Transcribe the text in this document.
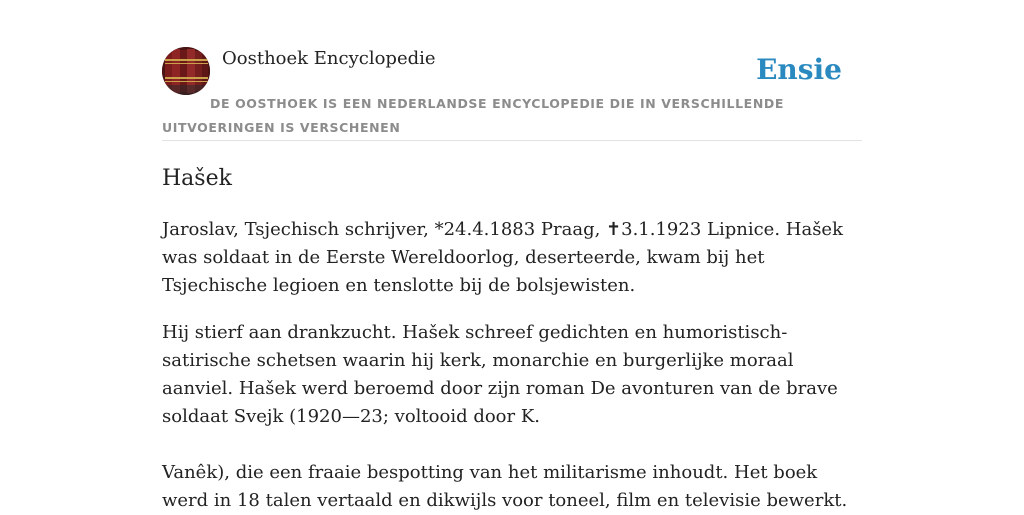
Oosthoek Encyclopedie	Ensie
DE OOSTHOEK IS EEN NEDERLANDSE ENCYCLOPEDIE DIE IN VERSCHILLENDE UITVOERINGEN IS VERSCHENEN
Hašek

Jaroslav, Tsjechisch schrijver, *24.4.1883 Praag, ✝3.1.1923 Lipnice. Hašek was soldaat in de Eerste Wereldoorlog, deserteerde, kwam bij het Tsjechische legioen en tenslotte bij de bolsjewisten.

Hij stierf aan drankzucht. Hašek schreef gedichten en humoristisch-satirische schetsen waarin hij kerk, monarchie en burgerlijke moraal aanviel. Hašek werd beroemd door zijn roman De avonturen van de brave soldaat Svejk (1920—23; voltooid door K.

Vanêk), die een fraaie bespotting van het militarisme inhoudt. Het boek werd in 18 talen vertaald en dikwijls voor toneel, film en televisie bewerkt.
